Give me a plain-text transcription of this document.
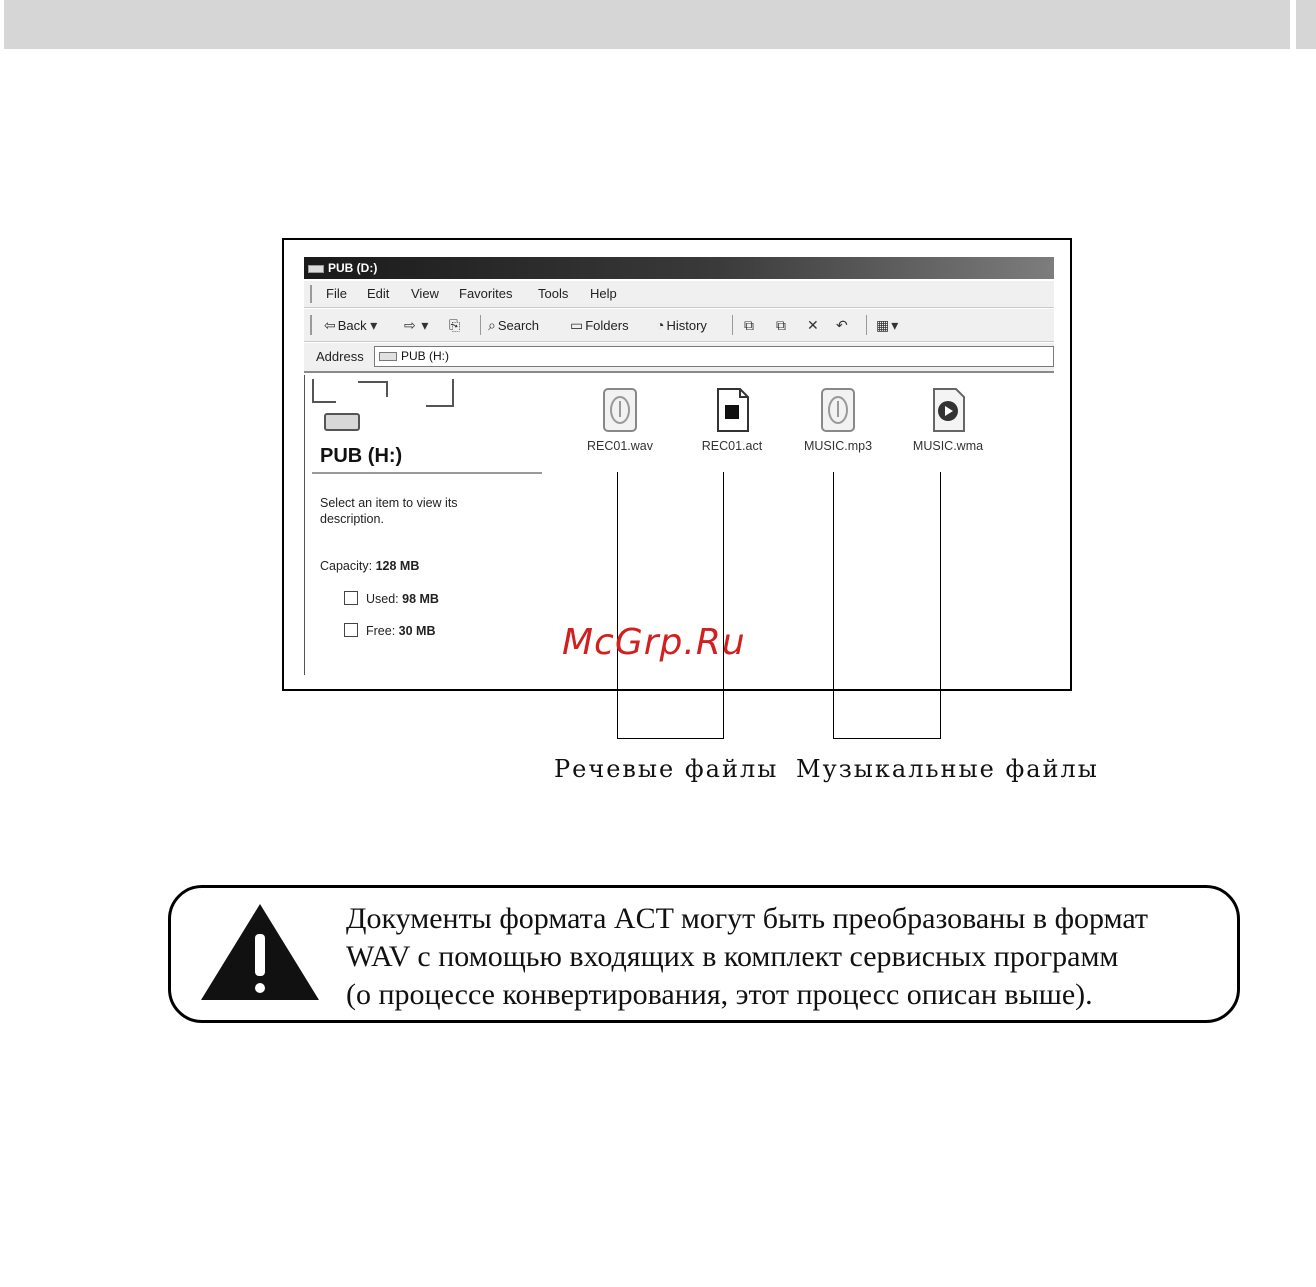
PUB (D:)
File Edit View Favorites Tools Help
⇦ Back ▾ ⇨ ▾ ⎘ ⌕ Search ▭ Folders ◔ History	⧉ ⧉ ✕ ↶ ▦ ▾
Address	PUB (H:)
PUB (H:)
Select an item to view its description.
Capacity: 128 MB
Used: 98 MB
Free: 30 MB
REC01.wav	REC01.act	MUSIC.mp3	MUSIC.wma
Речевые файлы Музыкальные файлы
McGrp.Ru
Документы формата ACT могут быть преобразованы в формат
WAV с помощью входящих в комплект сервисных программ
(о процессе конвертирования, этот процесс описан выше).
